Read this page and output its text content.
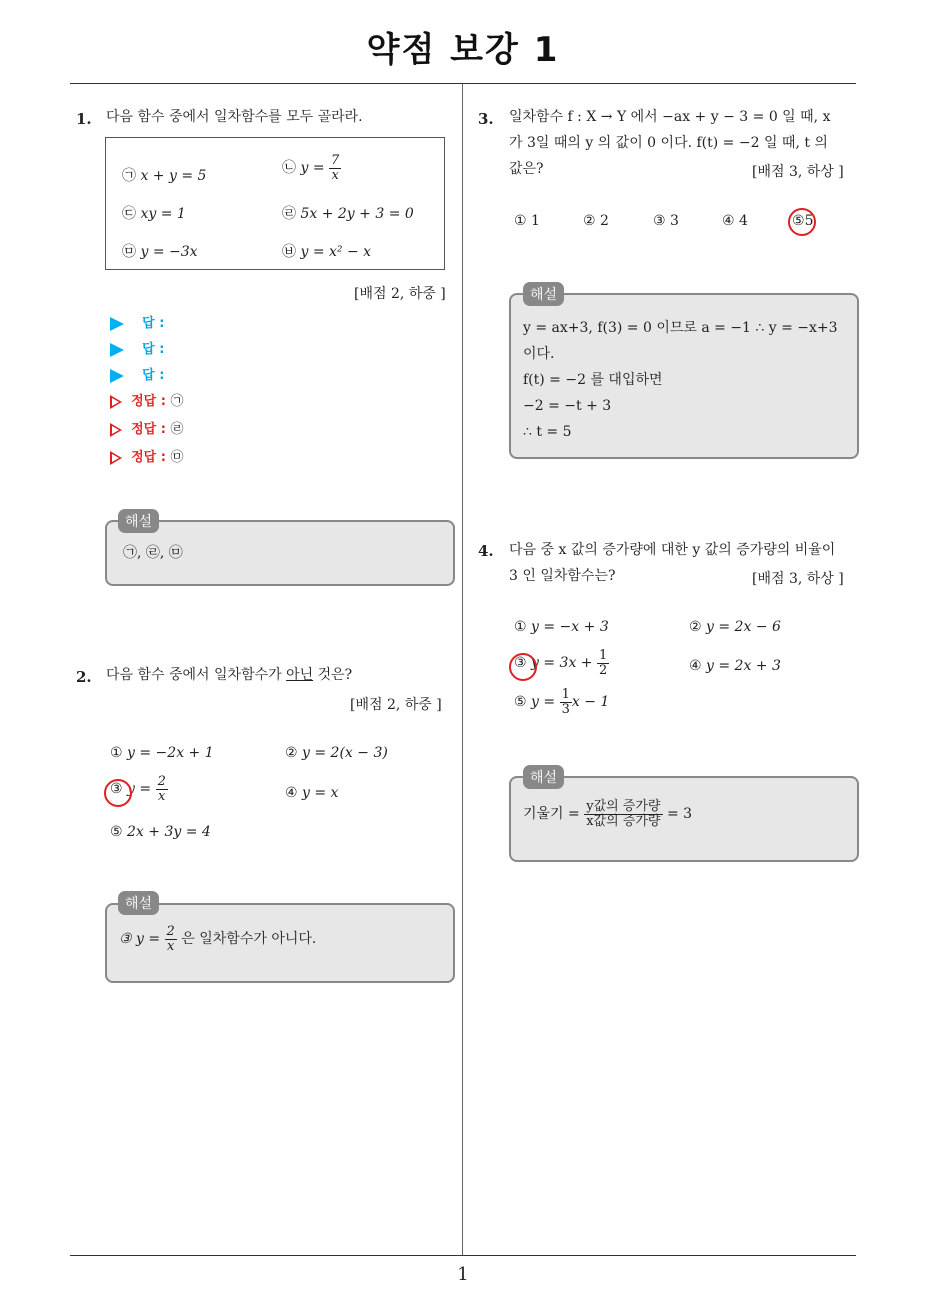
약점 보강 1
1. 다음 함수 중에서 일차함수를 모두 골라라.
㉠ x + y = 5	㉡ $y = \frac{7}{x}$
㉢ xy = 1	㉣ 5x + 2y + 3 = 0
㉤ y = −3x	㉥ y = x² − x
[배점 2, 하중 ]
답 :
답 :
답 :
정답 : ㉠
정답 : ㉣
정답 : ㉤
㉠, ㉣, ㉤
해설
2. 다음 함수 중에서 일차함수가 아닌 것은?
[배점 2, 하중 ]
① y = −2x + 1	② y = 2(x − 3)
③ $y = \frac{2}{x}$	④ y = x
⑤ 2x + 3y = 4
③ $y = \frac{2}{x}$ 은 일차함수가 아니다.
해설
3. 일차함수 f : X → Y 에서 −ax + y − 3 = 0 일 때, x
가 3일 때의 y 의 값이 0 이다. f(t) = −2 일 때, t 의
값은?	[배점 3, 하상 ]
① 1	② 2	③ 3	④ 4	⑤5
y = ax+3, f(3) = 0 이므로 a = −1 ∴ y = −x+3
이다.
f(t) = −2 를 대입하면
−2 = −t + 3
∴ t = 5
해설
4. 다음 중 x 값의 증가량에 대한 y 값의 증가량의 비율이
3 인 일차함수는?	[배점 3, 하상 ]
① y = −x + 3	② y = 2x − 6
③ $y = 3x + \frac{1}{2}$	④ y = 2x + 3
⑤ $y = \frac{1}{3}$ x − 1
기울기 = $\frac{\text{y값의 증가량}}{\text{x값의 증가량}} = 3$
해설
1
